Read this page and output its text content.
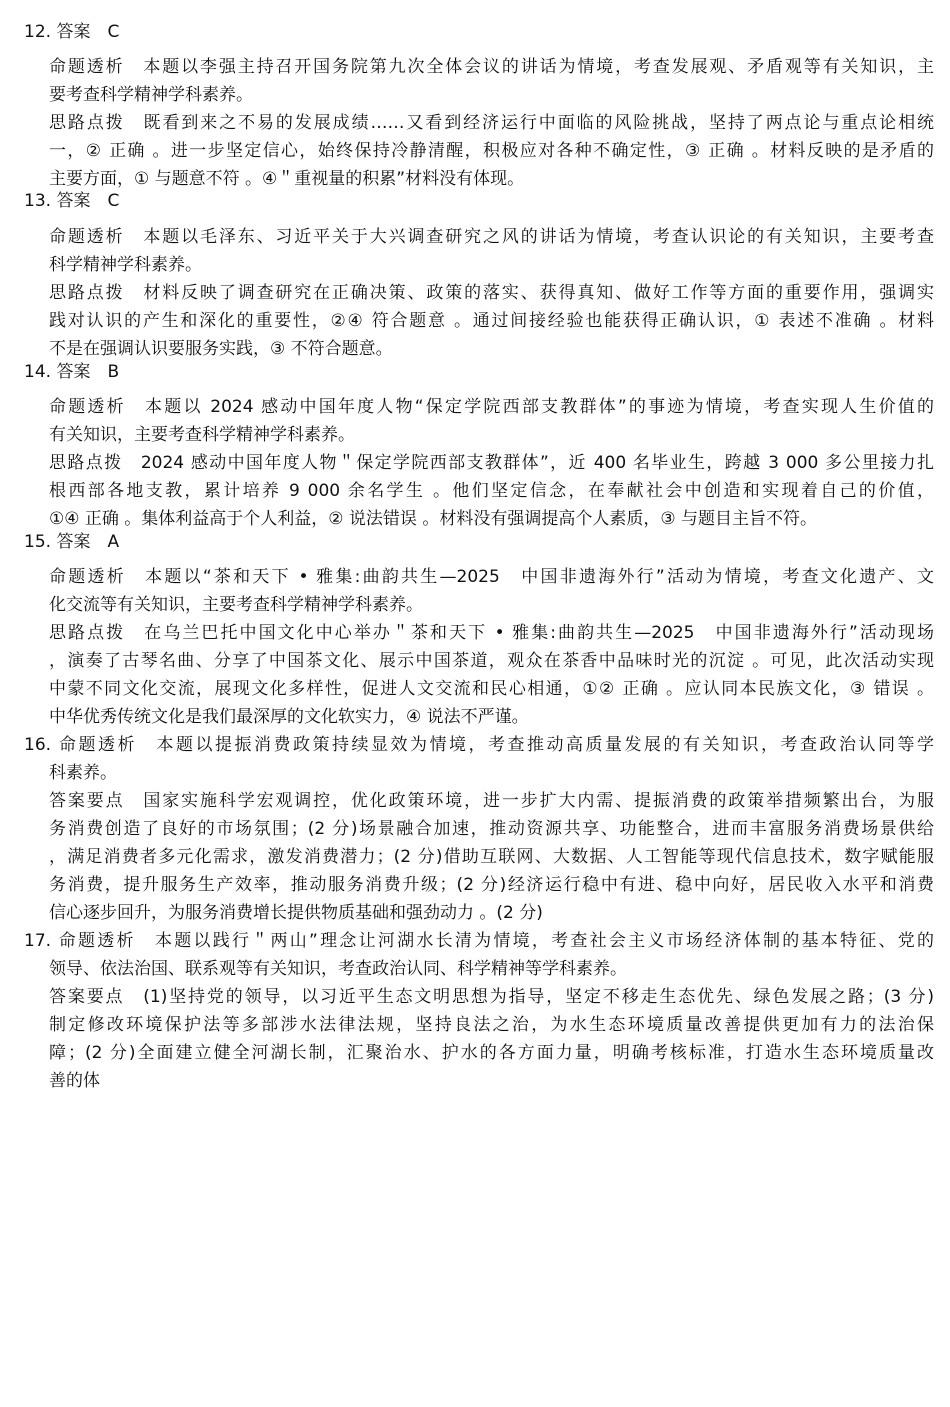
12. 答案　C
命题透析　本题以李强主持召开国务院第九次全体会议的讲话为情境，考查发展观、矛盾观等有关知识，主
要考查科学精神学科素养。
思路点拨　既看到来之不易的发展成绩……又看到经济运行中面临的风险挑战，坚持了两点论与重点论相统
一，② 正确 。进一步坚定信心，始终保持冷静清醒，积极应对各种不确定性，③ 正确 。材料反映的是矛盾的
主要方面，① 与题意不符 。④＂重视量的积累”材料没有体现。
13. 答案　C
命题透析　本题以毛泽东、习近平关于大兴调查研究之风的讲话为情境，考查认识论的有关知识，主要考查
科学精神学科素养。
思路点拨　材料反映了调查研究在正确决策、政策的落实、获得真知、做好工作等方面的重要作用，强调实
践对认识的产生和深化的重要性，②④ 符合题意 。通过间接经验也能获得正确认识，① 表述不准确 。材料
不是在强调认识要服务实践，③ 不符合题意。
14. 答案　B
命题透析　本题以 2024 感动中国年度人物“保定学院西部支教群体”的事迹为情境，考查实现人生价值的
有关知识，主要考查科学精神学科素养。
思路点拨　2024 感动中国年度人物＂保定学院西部支教群体”，近 400 名毕业生，跨越 3 000 多公里接力扎
根西部各地支教，累计培养 9 000 余名学生 。他们坚定信念，在奉献社会中创造和实现着自己的价值，
①④ 正确 。集体利益高于个人利益，② 说法错误 。材料没有强调提高个人素质，③ 与题目主旨不符。
15. 答案　A
命题透析　本题以“茶和天下 • 雅集:曲韵共生—2025　中国非遗海外行”活动为情境，考查文化遗产、文
化交流等有关知识，主要考查科学精神学科素养。
思路点拨　在乌兰巴托中国文化中心举办＂茶和天下 • 雅集:曲韵共生—2025　中国非遗海外行”活动现场
，演奏了古琴名曲、分享了中国茶文化、展示中国茶道，观众在茶香中品味时光的沉淀 。可见，此次活动实现
中蒙不同文化交流，展现文化多样性，促进人文交流和民心相通，①② 正确 。应认同本民族文化，③ 错误 。
中华优秀传统文化是我们最深厚的文化软实力，④ 说法不严谨。
16. 命题透析　本题以提振消费政策持续显效为情境，考查推动高质量发展的有关知识，考查政治认同等学
科素养。
答案要点　国家实施科学宏观调控，优化政策环境，进一步扩大内需、提振消费的政策举措频繁出台，为服
务消费创造了良好的市场氛围；(2 分)场景融合加速，推动资源共享、功能整合，进而丰富服务消费场景供给
，满足消费者多元化需求，激发消费潜力；(2 分)借助互联网、大数据、人工智能等现代信息技术，数字赋能服
务消费，提升服务生产效率，推动服务消费升级；(2 分)经济运行稳中有进、稳中向好，居民收入水平和消费
信心逐步回升，为服务消费增长提供物质基础和强劲动力 。(2 分)
17. 命题透析　本题以践行＂两山”理念让河湖水长清为情境，考查社会主义市场经济体制的基本特征、党的
领导、依法治国、联系观等有关知识，考查政治认同、科学精神等学科素养。
答案要点　(1)坚持党的领导，以习近平生态文明思想为指导，坚定不移走生态优先、绿色发展之路；(3 分)
制定修改环境保护法等多部涉水法律法规，坚持良法之治，为水生态环境质量改善提供更加有力的法治保
障；(2 分)全面建立健全河湖长制，汇聚治水、护水的各方面力量，明确考核标准，打造水生态环境质量改
善的体
